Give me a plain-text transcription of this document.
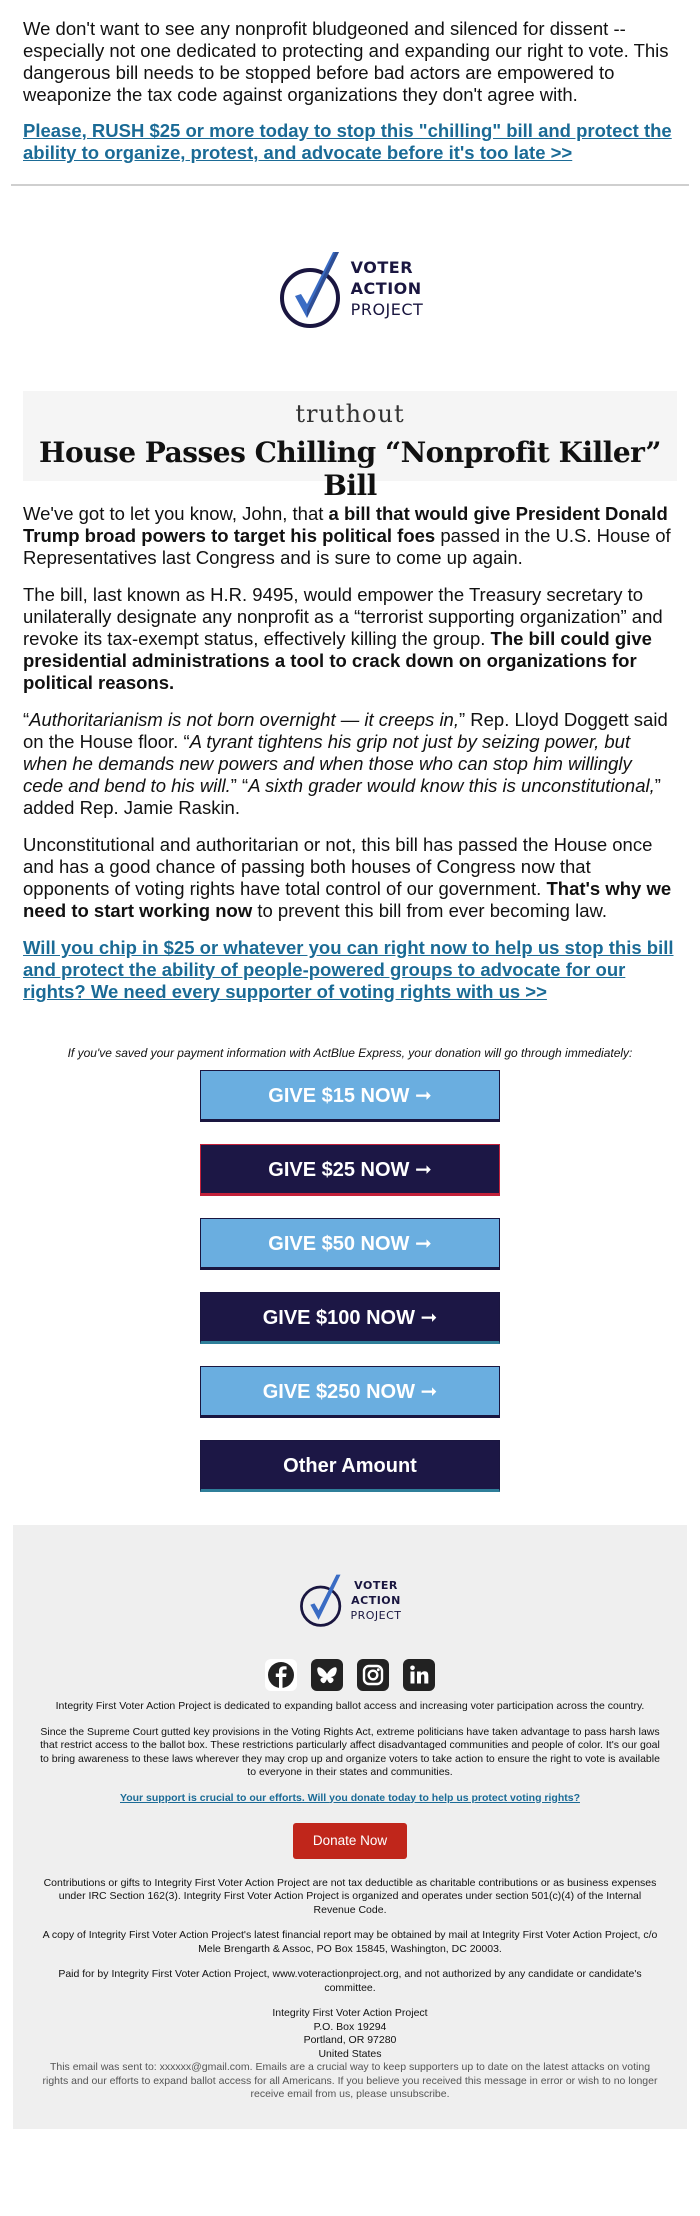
We don't want to see any nonprofit bludgeoned and silenced for dissent -- especially not one dedicated to protecting and expanding our right to vote. This dangerous bill needs to be stopped before bad actors are empowered to weaponize the tax code against organizations they don't agree with.

Please, RUSH $25 or more today to stop this "chilling" bill and protect the ability to organize, protest, and advocate before it's too late >>

VOTER
ACTION
PROJECT
truthout
House Passes Chilling “Nonprofit Killer” Bill

We've got to let you know, John, that a bill that would give President Donald Trump broad powers to target his political foes passed in the U.S. House of Representatives last Congress and is sure to come up again.

The bill, last known as H.R. 9495, would empower the Treasury secretary to unilaterally designate any nonprofit as a “terrorist supporting organization” and revoke its tax-exempt status, effectively killing the group. The bill could give presidential administrations a tool to crack down on organizations for political reasons.

“Authoritarianism is not born overnight — it creeps in,” Rep. Lloyd Doggett said on the House floor. “A tyrant tightens his grip not just by seizing power, but when he demands new powers and when those who can stop him willingly cede and bend to his will.” “A sixth grader would know this is unconstitutional,” added Rep. Jamie Raskin.

Unconstitutional and authoritarian or not, this bill has passed the House once and has a good chance of passing both houses of Congress now that opponents of voting rights have total control of our government. That's why we need to start working now to prevent this bill from ever becoming law.

Will you chip in $25 or whatever you can right now to help us stop this bill and protect the ability of people-powered groups to advocate for our rights? We need every supporter of voting rights with us >>

If you've saved your payment information with ActBlue Express, your donation will go through immediately:
GIVE $15 NOW ➞
GIVE $25 NOW ➞
GIVE $50 NOW ➞
GIVE $100 NOW ➞
GIVE $250 NOW ➞
Other Amount
VOTER
ACTION
PROJECT

Integrity First Voter Action Project is dedicated to expanding ballot access and increasing voter participation across the country.

Since the Supreme Court gutted key provisions in the Voting Rights Act, extreme politicians have taken advantage to pass harsh laws that restrict access to the ballot box. These restrictions particularly affect disadvantaged communities and people of color. It's our goal to bring awareness to these laws wherever they may crop up and organize voters to take action to ensure the right to vote is available to everyone in their states and communities.

Your support is crucial to our efforts. Will you donate today to help us protect voting rights?

Donate Now

Contributions or gifts to Integrity First Voter Action Project are not tax deductible as charitable contributions or as business expenses under IRC Section 162(3). Integrity First Voter Action Project is organized and operates under section 501(c)(4) of the Internal Revenue Code.

A copy of Integrity First Voter Action Project's latest financial report may be obtained by mail at Integrity First Voter Action Project, c/o Mele Brengarth & Assoc, PO Box 15845, Washington, DC 20003.

Paid for by Integrity First Voter Action Project, www.voteractionproject.org, and not authorized by any candidate or candidate's committee.

Integrity First Voter Action Project

P.O. Box 19294

Portland, OR 97280

United States

This email was sent to: xxxxxx@gmail.com. Emails are a crucial way to keep supporters up to date on the latest attacks on voting rights and our efforts to expand ballot access for all Americans. If you believe you received this message in error or wish to no longer receive email from us, please unsubscribe.
